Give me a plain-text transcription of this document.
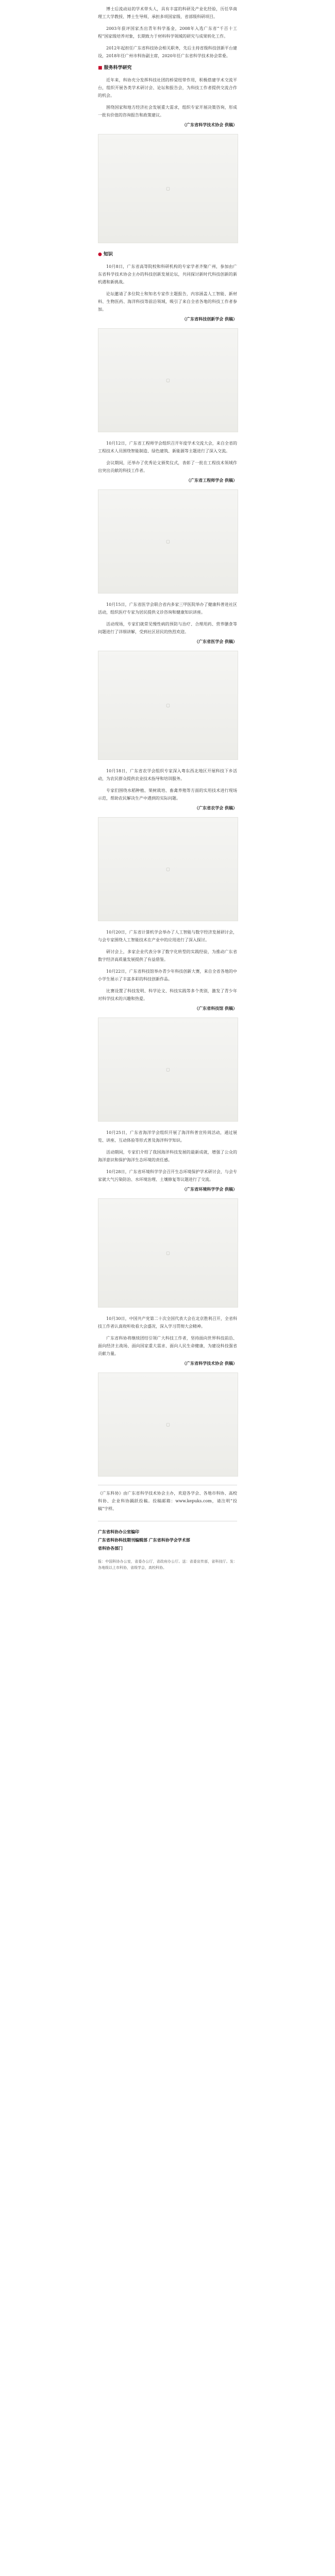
博士后流动站的学术带头人，具有丰富的科研及产业化经验，历任华南理工大学教授、博士生导师，承担多项国家级、省部级科研项目。

2003年获评国家杰出青年科学基金，2008年入选广东省“千百十工程”国家级培养对象，长期致力于材料科学领域的研究与成果转化工作。

2012年起担任广东省科技协会相关职务，先后主持省级科技创新平台建设，2018年任广州市科协副主席，2020年任广东省科学技术协会常委。

■ 服务科学研究

近年来，科协充分发挥科技社团的桥梁纽带作用，积极搭建学术交流平台，组织开展各类学术研讨会、论坛和报告会，为科技工作者提供交流合作的机会。

围绕国家和地方经济社会发展重大需求，组织专家开展决策咨询，形成一批有价值的咨询报告和政策建议。

（广东省科学技术协会 供稿）
▢
● 知识

10月8日，广东省高等院校和科研机构的专家学者齐聚广州，参加由广东省科学技术协会主办的科技创新发展论坛，共同探讨新时代科技创新的新机遇和新挑战。

论坛邀请了多位院士和知名专家作主题报告，内容涵盖人工智能、新材料、生物医药、海洋科技等前沿领域，吸引了来自全省各地的科技工作者参加。

（广东省科技创新学会 供稿）
▢

10月12日，广东省工程师学会组织召开年度学术交流大会，来自全省的工程技术人员围绕智能制造、绿色建筑、新能源等主题进行了深入交流。

会议期间，还举办了优秀论文颁奖仪式，表彰了一批在工程技术领域作出突出贡献的科技工作者。

（广东省工程师学会 供稿）
▢

10月15日，广东省医学会联合省内多家三甲医院举办了健康科普进社区活动，组织医疗专家为居民提供义诊咨询和健康知识讲座。

活动现场，专家们就常见慢性病的预防与治疗、合理用药、营养膳食等问题进行了详细讲解，受到社区居民的热烈欢迎。

（广东省医学会 供稿）
▢

10月18日，广东省农学会组织专家深入粤东西北地区开展科技下乡活动，为农民群众提供农业技术指导和培训服务。

专家们围绕水稻种植、果树栽培、畜禽养殖等方面的实用技术进行现场示范，帮助农民解决生产中遇到的实际问题。

（广东省农学会 供稿）
▢

10月20日，广东省计算机学会举办了人工智能与数字经济发展研讨会，与会专家围绕人工智能技术在产业中的应用进行了深入探讨。

研讨会上，多家企业代表分享了数字化转型的实践经验，为推动广东省数字经济高质量发展提供了有益借鉴。

10月22日，广东省科技馆举办青少年科技创新大赛，来自全省各地的中小学生展示了丰富多彩的科技创新作品。

比赛设置了科技发明、科学论文、科技实践等多个类别，激发了青少年对科学技术的兴趣和热爱。

（广东省科技馆 供稿）
▢

10月25日，广东省海洋学会组织开展了海洋科普宣传周活动，通过展览、讲座、互动体验等形式普及海洋科学知识。

活动期间，专家们介绍了我国海洋科技发展的最新成就，增强了公众的海洋意识和保护海洋生态环境的责任感。

10月28日，广东省环境科学学会召开生态环境保护学术研讨会，与会专家就大气污染防治、水环境治理、土壤修复等议题进行了交流。

（广东省环境科学学会 供稿）
▢

10月30日，中国共产党第二十次全国代表大会在北京胜利召开，全省科技工作者认真收听收看大会盛况，深入学习贯彻大会精神。

广东省科协将继续团结引领广大科技工作者，坚持面向世界科技前沿、面向经济主战场、面向国家重大需求、面向人民生命健康，为建设科技强省贡献力量。

（广东省科学技术协会 供稿）
▢

《广东科协》由广东省科学技术协会主办，欢迎各学会、各地市科协、高校科协、企业科协踊跃投稿。投稿邮箱：www.kepuks.com，请注明“投稿”字样。

广东省科协办公室编印
广东省科协科技期刊编辑部 广东省科协学会学术部
省科协各部门

报：中国科协办公室，省委办公厅，省政府办公厅。送：省委宣传部，省科技厅。发：各地级以上市科协，省级学会，高校科协。
